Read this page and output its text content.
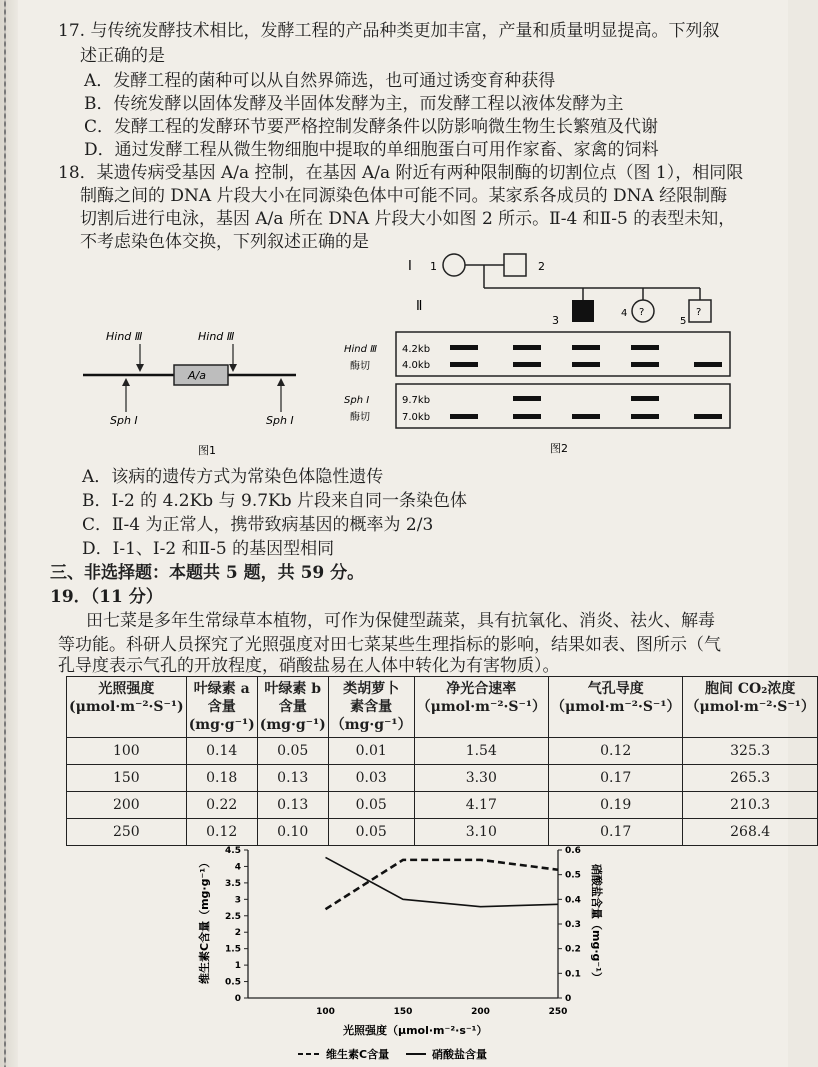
17. 与传统发酵技术相比，发酵工程的产品种类更加丰富，产量和质量明显提高。下列叙
述正确的是
A．发酵工程的菌种可以从自然界筛选，也可通过诱变育种获得
B．传统发酵以固体发酵及半固体发酵为主，而发酵工程以液体发酵为主
C．发酵工程的发酵环节要严格控制发酵条件以防影响微生物生长繁殖及代谢
D．通过发酵工程从微生物细胞中提取的单细胞蛋白可用作家畜、家禽的饲料
18．某遗传病受基因 A/a 控制，在基因 A/a 附近有两种限制酶的切割位点（图 1），相同限
制酶之间的 DNA 片段大小在同源染色体中可能不同。某家系各成员的 DNA 经限制酶
切割后进行电泳，基因 A/a 所在 DNA 片段大小如图 2 所示。Ⅱ-4 和Ⅱ-5 的表型未知，
不考虑染色体交换，下列叙述正确的是
Hind Ⅲ	Hind Ⅲ
A/a
Sph Ⅰ	Sph Ⅰ
图1
Ⅰ 1	2
Ⅱ
3
?
4	?
5
Hind Ⅲ
酶切
4.2kb
4.0kb
Sph Ⅰ
酶切
9.7kb
7.0kb
图2
A．该病的遗传方式为常染色体隐性遗传
B．Ⅰ-2 的 4.2Kb 与 9.7Kb 片段来自同一条染色体
C．Ⅱ-4 为正常人，携带致病基因的概率为 2/3
D．Ⅰ-1、Ⅰ-2 和Ⅱ-5 的基因型相同
三、非选择题：本题共 5 题，共 59 分。
19．（11 分）
田七菜是多年生常绿草本植物，可作为保健型蔬菜，具有抗氧化、消炎、祛火、解毒
等功能。科研人员探究了光照强度对田七菜某些生理指标的影响，结果如表、图所示（气
孔导度表示气孔的开放程度，硝酸盐易在人体中转化为有害物质）。
光照强度
(μmol·m⁻²·S⁻¹)	叶绿素 a
含量
(mg·g⁻¹)	叶绿素 b
含量
(mg·g⁻¹)	类胡萝卜
素含量
（mg·g⁻¹）	净光合速率
（μmol·m⁻²·S⁻¹）	气孔导度
（μmol·m⁻²·S⁻¹）	胞间 CO₂浓度
（μmol·m⁻²·S⁻¹）
100	0.14	0.05	0.01	1.54	0.12	325.3
150	0.18	0.13	0.03	3.30	0.17	265.3
200	0.22	0.13	0.05	4.17	0.19	210.3
250	0.12	0.10	0.05	3.10	0.17	268.4
0
0.5
1
1.5
2
2.5
3
3.5
4
4.5
0
0.1
0.2
0.3
0.4
0.5
0.6
100	150	200	250
维生素C含量（mg·g⁻¹）	硝酸盐含量（mg·g⁻¹）
光照强度（μmol·m⁻²·s⁻¹）
维生素C含量	硝酸盐含量
